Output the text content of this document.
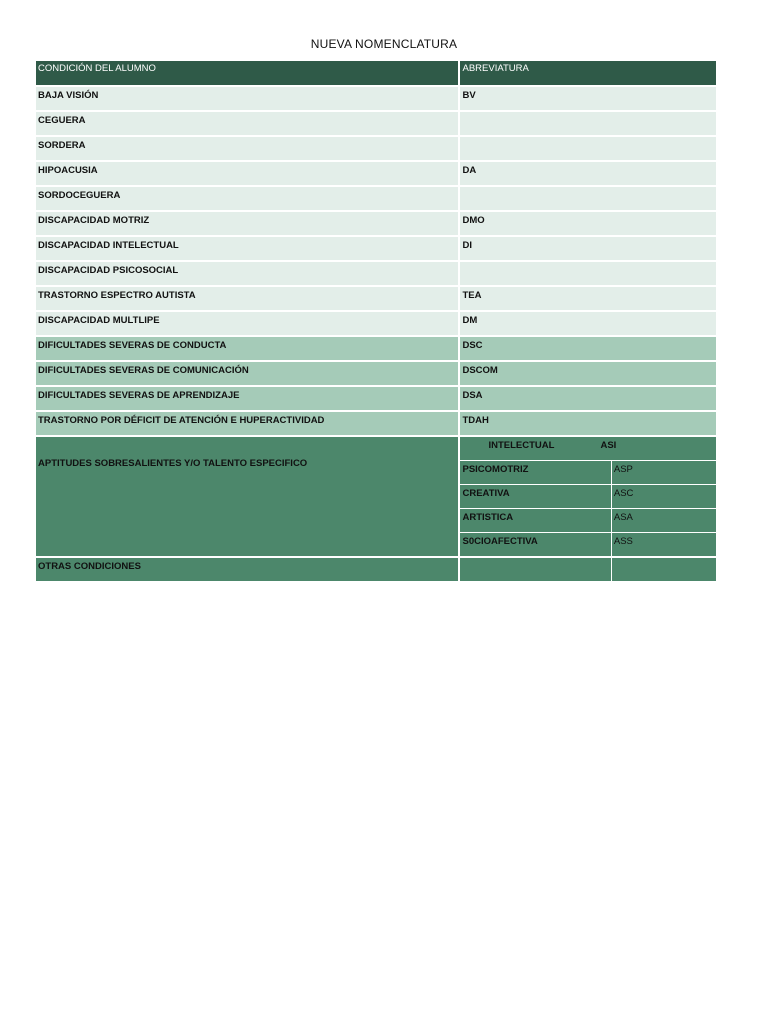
NUEVA NOMENCLATURA
CONDICIÓN DEL ALUMNO	ABREVIATURA	
BAJA VISIÓN	BV	
CEGUERA		
SORDERA		
HIPOACUSIA	DA	
SORDOCEGUERA		
DISCAPACIDAD MOTRIZ	DMO	
DISCAPACIDAD INTELECTUAL	DI	
DISCAPACIDAD PSICOSOCIAL		
TRASTORNO ESPECTRO AUTISTA	TEA	
DISCAPACIDAD MULTLIPE	DM	
DIFICULTADES SEVERAS DE CONDUCTA	DSC	
DIFICULTADES SEVERAS DE COMUNICACIÓN	DSCOM	
DIFICULTADES SEVERAS DE APRENDIZAJE	DSA	
TRASTORNO POR DÉFICIT DE ATENCIÓN E HUPERACTIVIDAD	TDAH	
APTITUDES SOBRESALIENTES Y/O TALENTO ESPECIFICO	INTELECTUAL ASI	

	PSICOMOTRIZ	ASP
	CREATIVA	ASC
	ARTISTICA	ASA
	S0CIOAFECTIVA	ASS
OTRAS CONDICIONES		
